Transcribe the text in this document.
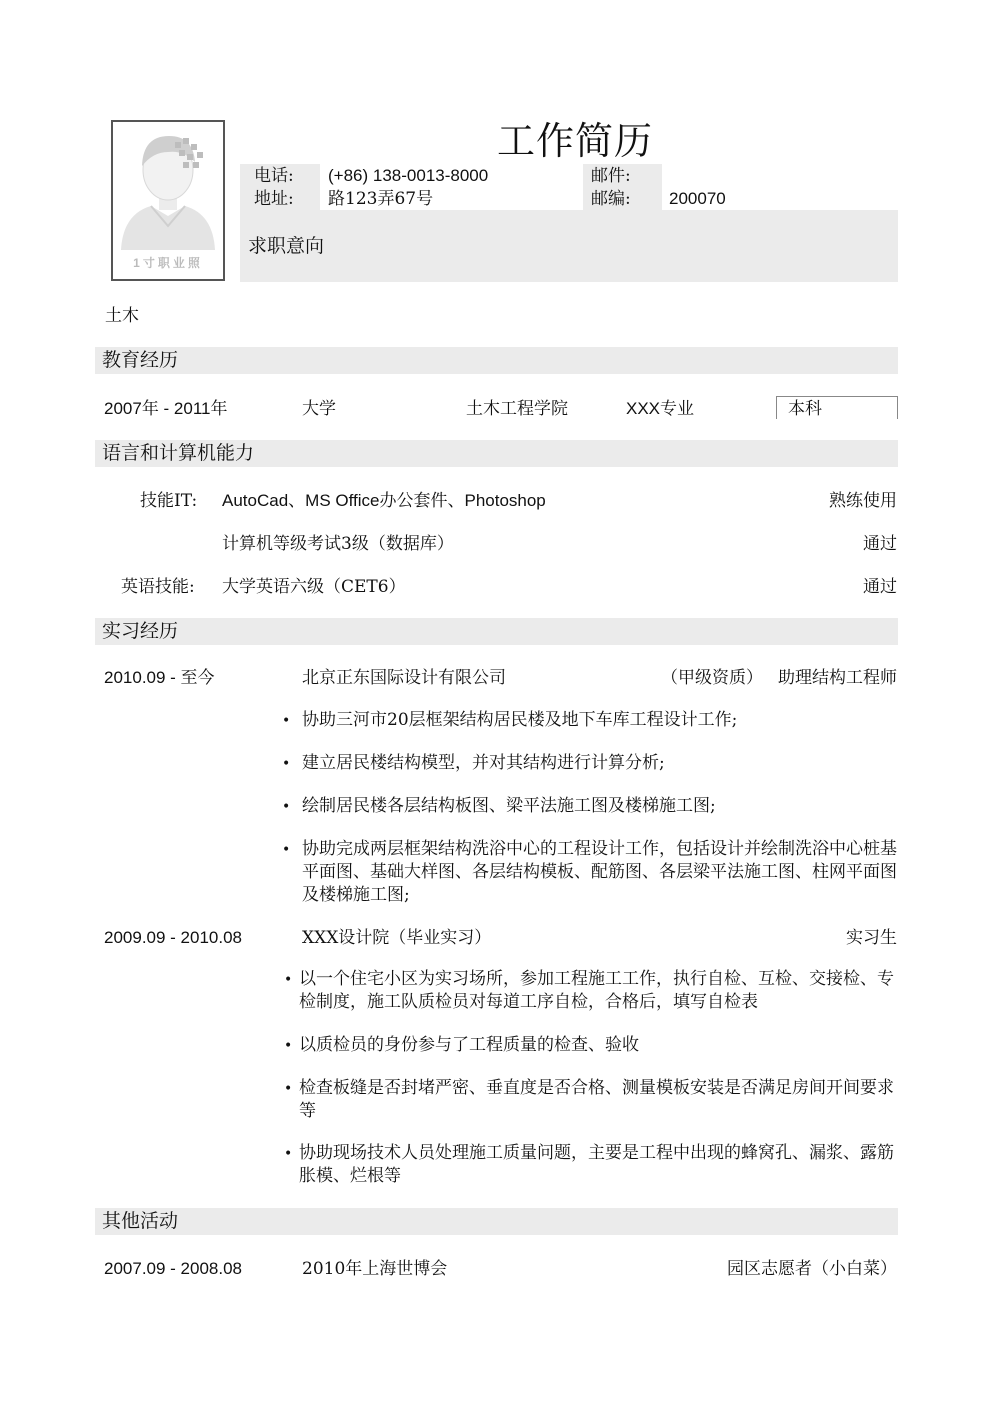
1寸职业照
工作简历
电话: (+86) 138-0013-8000	邮件:
地址: 路123弄67号	邮编: 200070
求职意向
土木
教育经历
2007年 - 2011年	大学	土木工程学院	XXX专业	本科
语言和计算机能力
技能IT: AutoCad、MS Office办公套件、Photoshop	熟练使用
计算机等级考试3级（数据库）	通过
英语技能: 大学英语六级（CET6）	通过
实习经历
2010.09 - 至今	北京正东国际设计有限公司	（甲级资质） 助理结构工程师
• 协助三河市20层框架结构居民楼及地下车库工程设计工作;
• 建立居民楼结构模型，并对其结构进行计算分析;
• 绘制居民楼各层结构板图、梁平法施工图及楼梯施工图;
• 协助完成两层框架结构洗浴中心的工程设计工作，包括设计并绘制洗浴中心桩基平面图、基础大样图、各层结构模板、配筋图、各层梁平法施工图、柱网平面图及楼梯施工图;
2009.09 - 2010.08	XXX设计院（毕业实习）	实习生
• 以一个住宅小区为实习场所，参加工程施工工作，执行自检、互检、交接检、专检制度，施工队质检员对每道工序自检，合格后，填写自检表
• 以质检员的身份参与了工程质量的检查、验收
• 检查板缝是否封堵严密、垂直度是否合格、测量模板安装是否满足房间开间要求等
• 协助现场技术人员处理施工质量问题，主要是工程中出现的蜂窝孔、漏浆、露筋胀模、烂根等
其他活动
2007.09 - 2008.08	2010年上海世博会	园区志愿者（小白菜）
